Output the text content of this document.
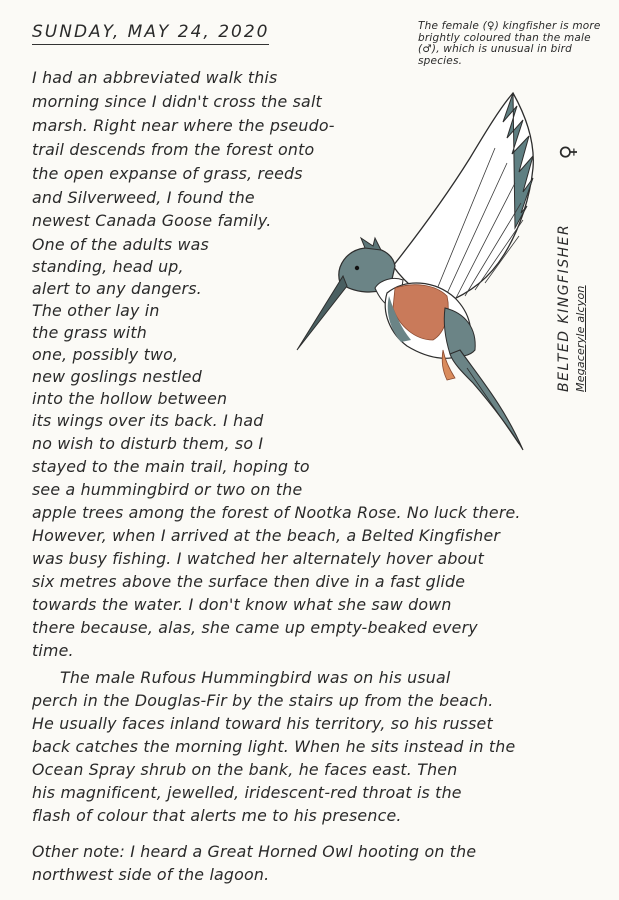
SUNDAY, MAY 24, 2020	The female (♀) kingfisher is more brightly coloured than the male (♂), which is unusual in bird species.
I had an abbreviated walk this
morning since I didn't cross the salt
marsh. Right near where the pseudo-
trail descends from the forest onto
the open expanse of grass, reeds
and Silverweed, I found the
newest Canada Goose family.
One of the adults was
standing, head up,
alert to any dangers.
The other lay in
the grass with
one, possibly two,
new goslings nestled
into the hollow between
its wings over its back. I had
no wish to disturb them, so I
stayed to the main trail, hoping to
see a hummingbird or two on the
apple trees among the forest of Nootka Rose. No luck there.
However, when I arrived at the beach, a Belted Kingfisher
was busy fishing. I watched her alternately hover about
six metres above the surface then dive in a fast glide
towards the water. I don't know what she saw down
there because, alas, she came up empty-beaked every
time.
The male Rufous Hummingbird was on his usual
perch in the Douglas-Fir by the stairs up from the beach.
He usually faces inland toward his territory, so his russet
back catches the morning light. When he sits instead in the
Ocean Spray shrub on the bank, he faces east. Then
his magnificent, jewelled, iridescent-red throat is the
flash of colour that alerts me to his presence.
Other note: I heard a Great Horned Owl hooting on the
northwest side of the lagoon.
♀
BELTED KINGFISHER Megaceryle alcyon
